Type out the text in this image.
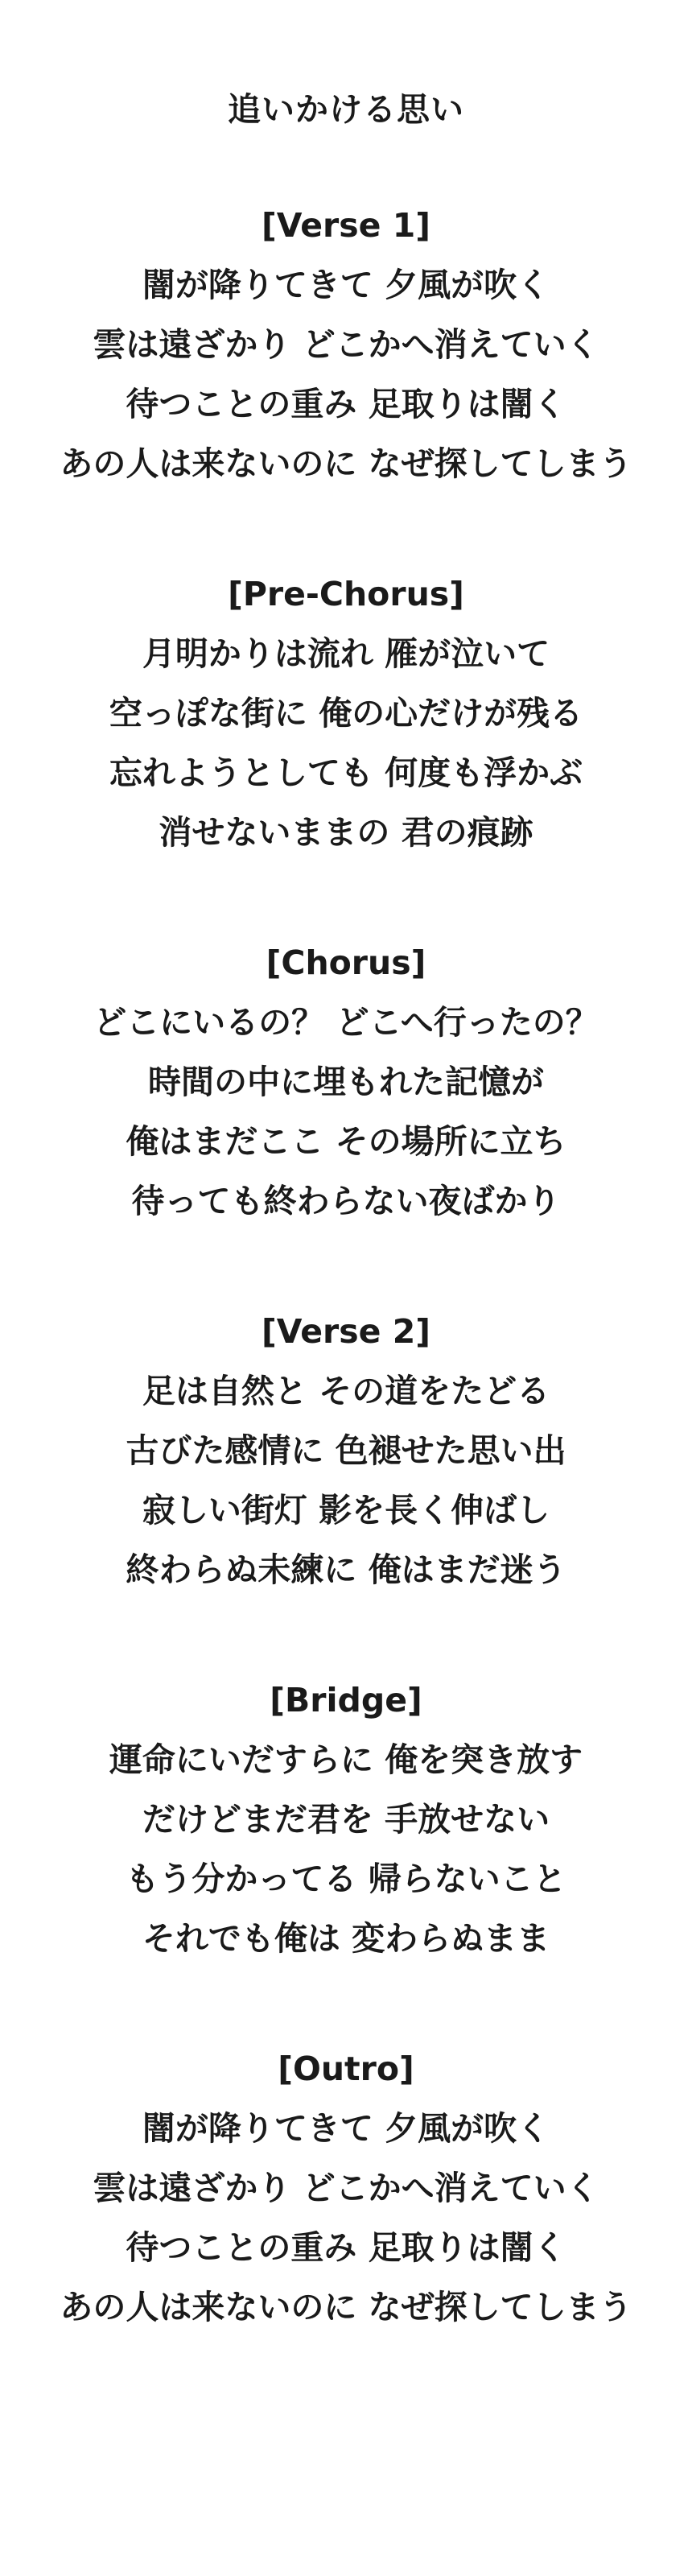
追いかける思い
[Verse 1]
闇が降りてきて 夕風が吹く
雲は遠ざかり どこかへ消えていく
待つことの重み 足取りは闇く
あの人は来ないのに なぜ探してしまう
[Pre-Chorus]
月明かりは流れ 雁が泣いて
空っぽな街に 俺の心だけが残る
忘れようとしても 何度も浮かぶ
消せないままの 君の痕跡
[Chorus]
どこにいるの？ どこへ行ったの？
時間の中に埋もれた記憶が
俺はまだここ その場所に立ち
待っても終わらない夜ばかり
[Verse 2]
足は自然と その道をたどる
古びた感情に 色褪せた思い出
寂しい街灯 影を長く伸ばし
終わらぬ未練に 俺はまだ迷う
[Bridge]
運命にいだすらに 俺を突き放す
だけどまだ君を 手放せない
もう分かってる 帰らないこと
それでも俺は 変わらぬまま
[Outro]
闇が降りてきて 夕風が吹く
雲は遠ざかり どこかへ消えていく
待つことの重み 足取りは闇く
あの人は来ないのに なぜ探してしまう
